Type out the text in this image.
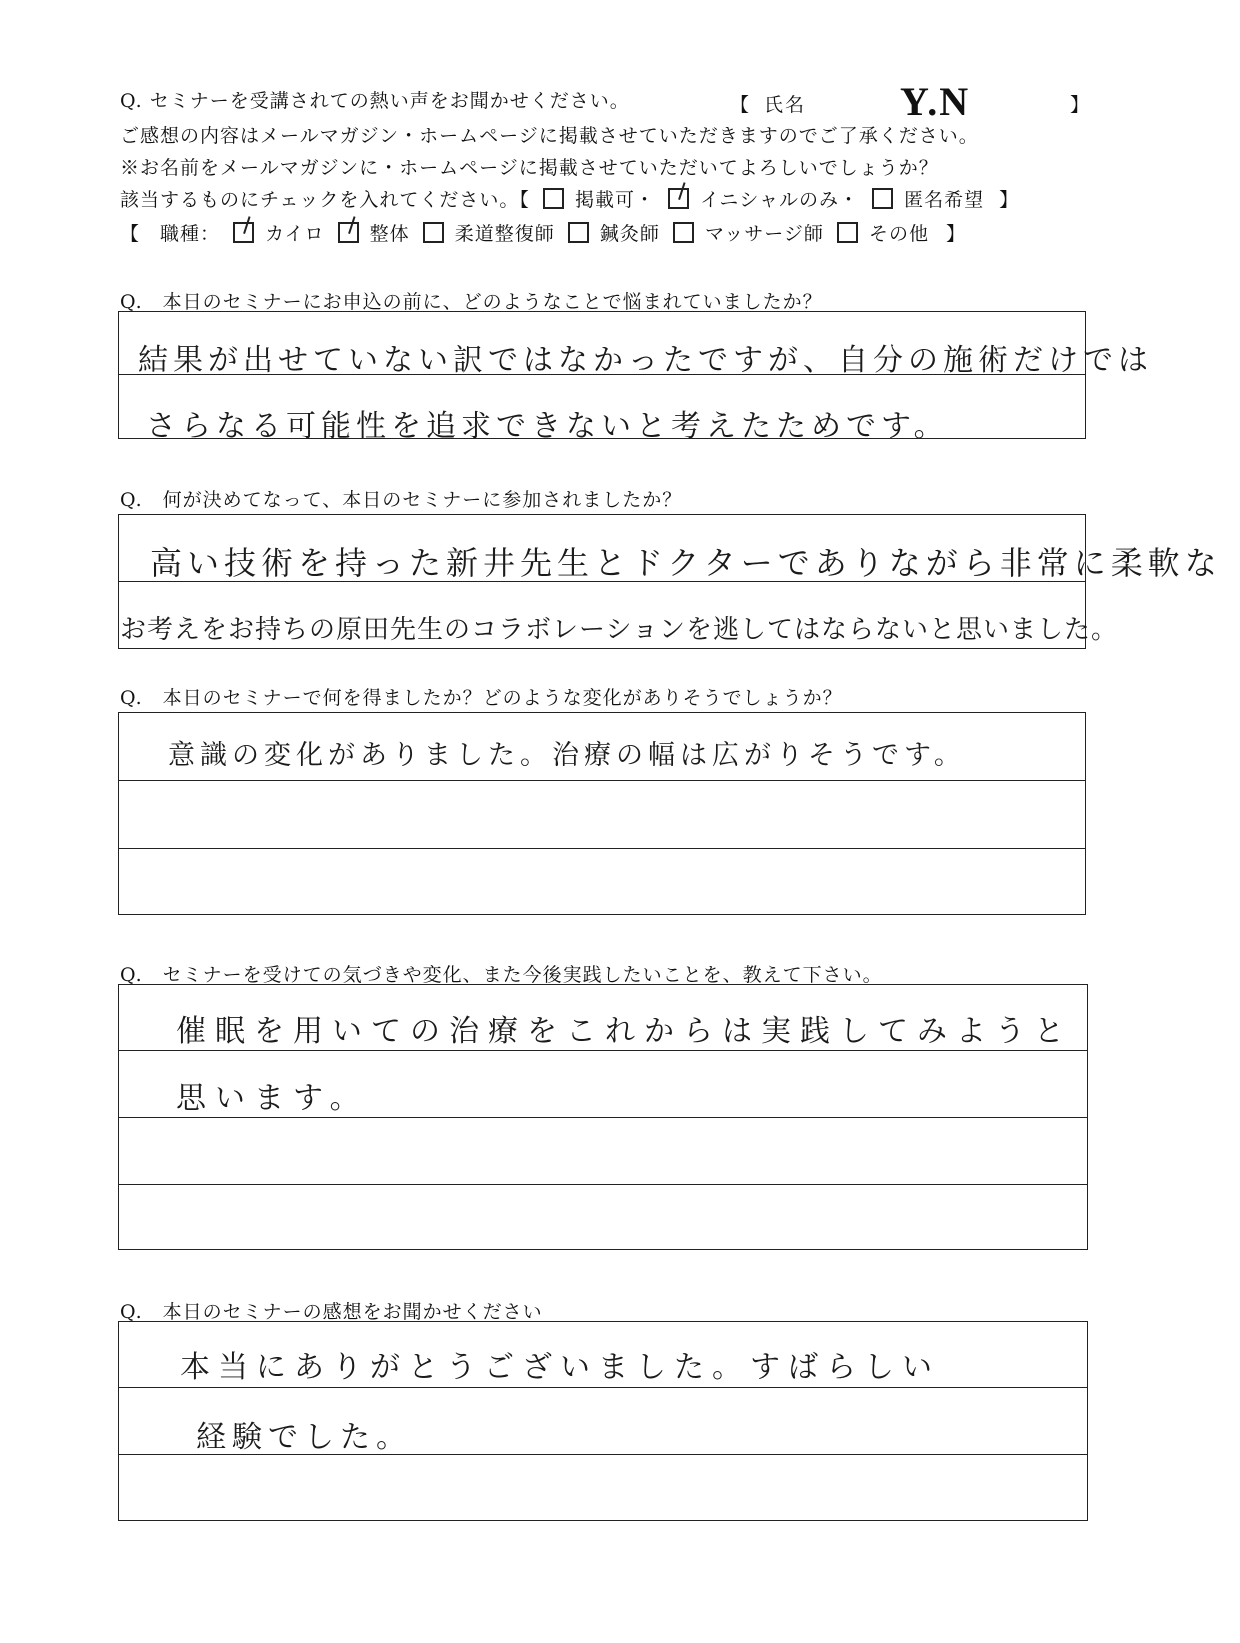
Q. セミナーを受講されての熱い声をお聞かせください。	【 氏名 Y.N	】
ご感想の内容はメールマガジン・ホームページに掲載させていただきますのでご了承ください。
※お名前をメールマガジンに・ホームページに掲載させていただいてよろしいでしょうか？
該当するものにチェックを入れてください。【 掲載可・ イニシャルのみ・ 匿名希望 】
【　職種： カイロ 整体 柔道整復師 鍼灸師 マッサージ師 その他 】
Q.　本日のセミナーにお申込の前に、どのようなことで悩まれていましたか？
結果が出せていない訳ではなかったですが、自分の施術だけでは
さらなる可能性を追求できないと考えたためです。
Q.　何が決めてなって、本日のセミナーに参加されましたか？
高い技術を持った新井先生とドクターでありながら非常に柔軟な
お考えをお持ちの原田先生のコラボレーションを逃してはならないと思いました。
Q.　本日のセミナーで何を得ましたか？どのような変化がありそうでしょうか？
意識の変化がありました。治療の幅は広がりそうです。
Q.　セミナーを受けての気づきや変化、また今後実践したいことを、教えて下さい。
催眠を用いての治療をこれからは実践してみようと
思います。
Q.　本日のセミナーの感想をお聞かせください
本当にありがとうございました。すばらしい
経験でした。
